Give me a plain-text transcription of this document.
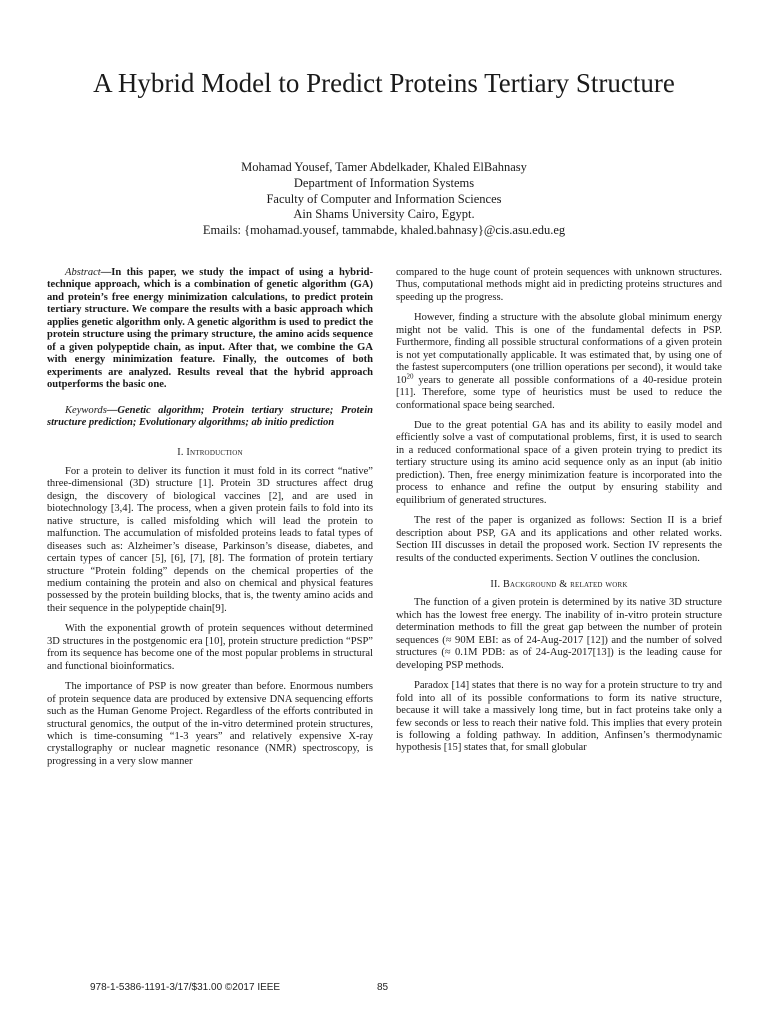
A Hybrid Model to Predict Proteins Tertiary Structure
Mohamad Yousef, Tamer Abdelkader, Khaled ElBahnasy
Department of Information Systems
Faculty of Computer and Information Sciences
Ain Shams University Cairo, Egypt.
Emails: {mohamad.yousef, tammabde, khaled.bahnasy}@cis.asu.edu.eg

Abstract—In this paper, we study the impact of using a hybrid-technique approach, which is a combination of genetic algorithm (GA) and protein’s free energy minimization calculations, to predict protein tertiary structure. We compare the results with a basic approach which applies genetic algorithm only. A genetic algorithm is used to predict the protein structure using the primary structure, the amino acids sequence of a given polypeptide chain, as input. After that, we combine the GA with energy minimization feature. Finally, the outcomes of both experiments are analyzed. Results reveal that the hybrid approach outperforms the basic one.

Keywords—Genetic algorithm; Protein tertiary structure; Protein structure prediction; Evolutionary algorithms; ab initio prediction

I. Introduction

For a protein to deliver its function it must fold in its correct “native” three-dimensional (3D) structure [1]. Protein 3D structures affect drug design, the discovery of biological vaccines [2], and are used in biotechnology [3,4]. The process, when a given protein fails to fold into its native structure, is called misfolding which will lead the protein to malfunction. The accumulation of misfolded proteins leads to fatal types of diseases such as: Alzheimer’s disease, Parkinson’s disease, diabetes, and certain types of cancer [5], [6], [7], [8]. The formation of protein tertiary structure “Protein folding” depends on the chemical properties of the medium containing the protein and also on chemical and physical features possessed by the protein building blocks, that is, the twenty amino acids and their sequence in the polypeptide chain[9].

With the exponential growth of protein sequences without determined 3D structures in the postgenomic era [10], protein structure prediction “PSP” from its sequence has become one of the most popular problems in structural and functional bioinformatics.

The importance of PSP is now greater than before. Enormous numbers of protein sequence data are produced by extensive DNA sequencing efforts such as the Human Genome Project. Regardless of the efforts contributed in structural genomics, the output of the in-vitro determined protein structures, which is time-consuming “1-3 years” and relatively expensive X-ray crystallography or nuclear magnetic resonance (NMR) spectroscopy, is progressing in a very slow manner

compared to the huge count of protein sequences with unknown structures. Thus, computational methods might aid in predicting proteins structures and speeding up the progress.

However, finding a structure with the absolute global minimum energy might not be valid. This is one of the fundamental defects in PSP. Furthermore, finding all possible structural conformations of a given protein is not yet computationally applicable. It was estimated that, by using one of the fastest supercomputers (one trillion operations per second), it would take $10^{20}$ years to generate all possible conformations of a 40-residue protein [11]. Therefore, some type of heuristics must be used to reduce the conformational space being searched.

Due to the great potential GA has and its ability to easily model and efficiently solve a vast of computational problems, first, it is used to search in a reduced conformational space of a given protein trying to predict its tertiary structure using its amino acid sequence only as an input (ab initio prediction). Then, free energy minimization feature is incorporated into the process to enhance and refine the output by ensuring stability and equilibrium of generated structures.

The rest of the paper is organized as follows: Section II is a brief description about PSP, GA and its applications and other related works. Section III discusses in detail the proposed work. Section IV represents the results of the conducted experiments. Section V outlines the conclusion.

II. Background & related work

The function of a given protein is determined by its native 3D structure which has the lowest free energy. The inability of in-vitro protein structure determination methods to fill the great gap between the number of protein sequences (≈ 90M EBI: as of 24-Aug-2017 [12]) and the number of solved structures (≈ 0.1M PDB: as of 24-Aug-2017[13]) is the leading cause for developing PSP methods.

Paradox [14] states that there is no way for a protein structure to try and fold into all of its possible conformations to form its native structure, because it will take a massively long time, but in fact proteins take only a few seconds or less to reach their native fold. This implies that every protein is following a folding pathway. In addition, Anfinsen’s thermodynamic hypothesis [15] states that, for small globular

978-1-5386-1191-3/17/$31.00 ©2017 IEEE	85
